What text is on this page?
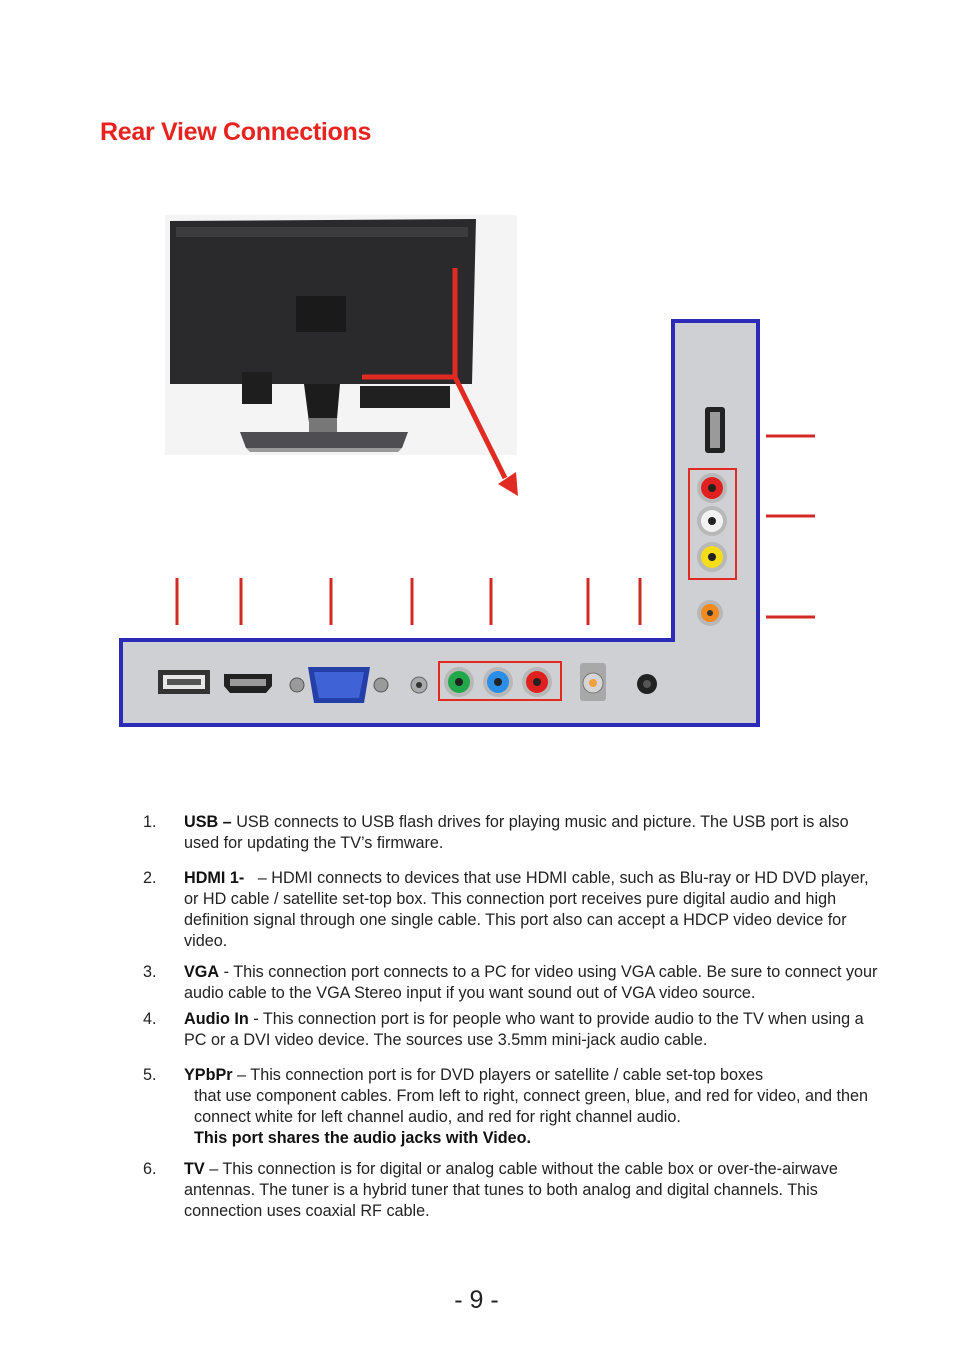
Rear View Connections
1. USB – USB connects to USB flash drives for playing music and picture. The USB port is also used for updating the TV’s firmware.
2. HDMI 1- – HDMI connects to devices that use HDMI cable, such as Blu-ray or HD DVD player, or HD cable / satellite set-top box. This connection port receives pure digital audio and high definition signal through one single cable. This port also can accept a HDCP video device for video.
3. VGA - This connection port connects to a PC for video using VGA cable. Be sure to connect your audio cable to the VGA Stereo input if you want sound out of VGA video source.
4. Audio In - This connection port is for people who want to provide audio to the TV when using a PC or a DVI video device. The sources use 3.5mm mini-jack audio cable.
5. YPbPr – This connection port is for DVD players or satellite / cable set-top boxes
that use component cables. From left to right, connect green, blue, and red for video, and then connect white for left channel audio, and red for right channel audio.
This port shares the audio jacks with Video.
6. TV – This connection is for digital or analog cable without the cable box or over-the-airwave antennas. The tuner is a hybrid tuner that tunes to both analog and digital channels. This connection uses coaxial RF cable.
- 9 -
